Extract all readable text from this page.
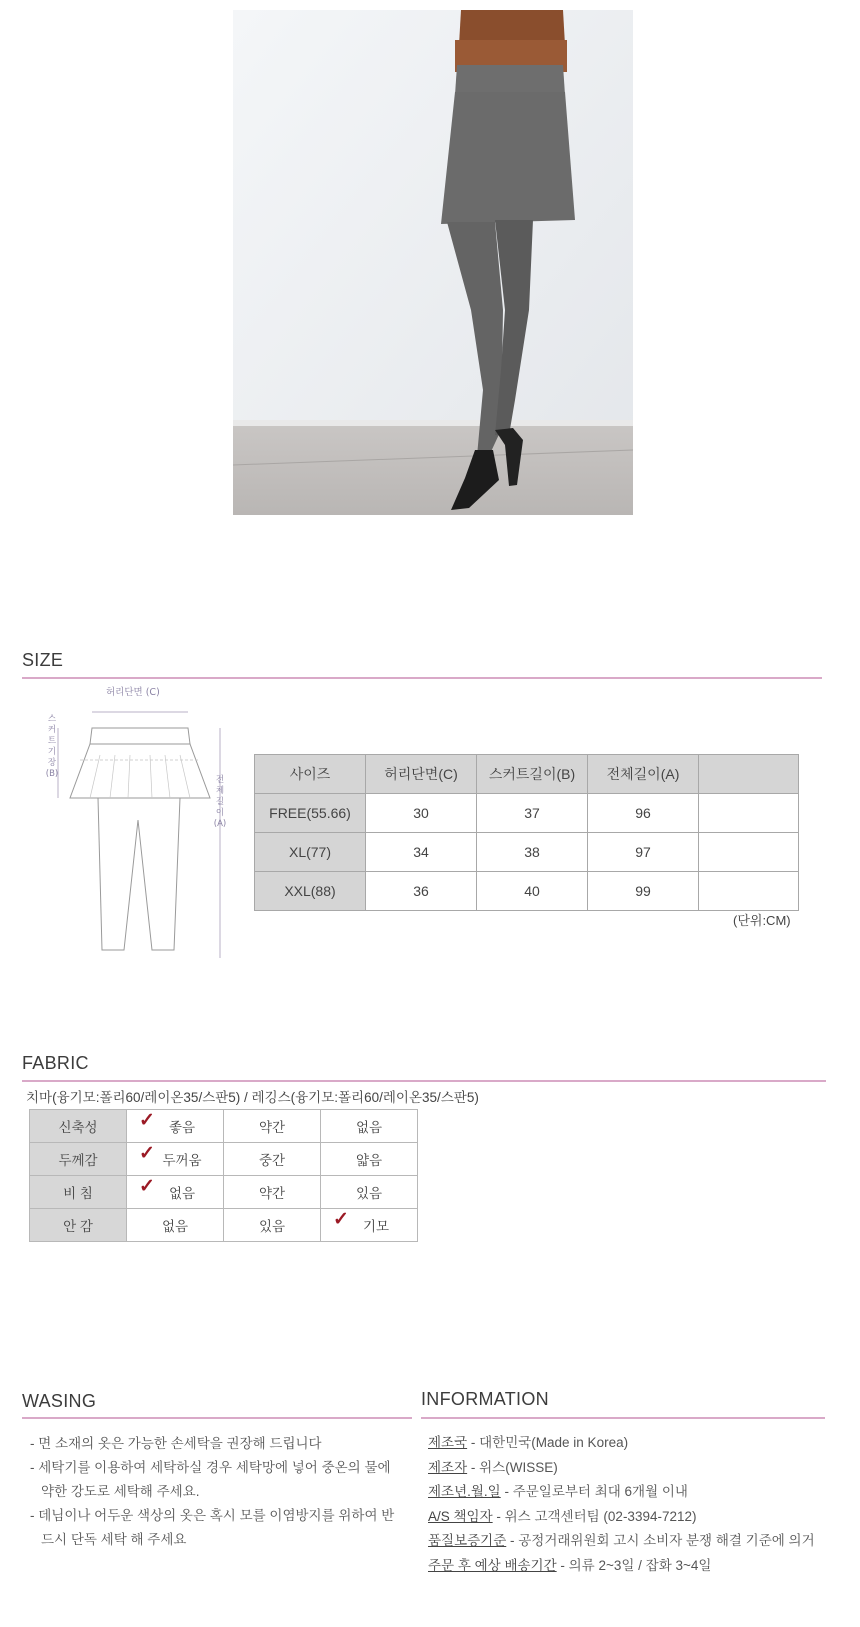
SIZE
허리단면 (C)
스
커
트
기
장
(B)
전
체
길
이
(A)
사이즈	허리단면(C)	스커트길이(B)	전체길이(A)	
FREE(55.66)	30	37	96	
XL(77)	34	38	97	
XXL(88)	36	40	99	
(단위:CM)
FABRIC
치마(융기모:폴리60/레이온35/스판5) / 레깅스(융기모:폴리60/레이온35/스판5)
신축성	✓ 좋음	약간	없음
두께감	✓ 두꺼움	중간	얇음
비 침	✓ 없음	약간	있음
안 감	없음	있음	✓ 기모
WASING
- 면 소재의 옷은 가능한 손세탁을 권장해 드립니다
- 세탁기를 이용하여 세탁하실 경우 세탁망에 넣어 중온의 물에
약한 강도로 세탁해 주세요.
- 데님이나 어두운 색상의 옷은 혹시 모를 이염방지를 위하여 반
드시 단독 세탁 해 주세요
INFORMATION
제조국 - 대한민국(Made in Korea)
제조자 - 위스(WISSE)
제조년.월.일 - 주문일로부터 최대 6개월 이내
A/S 책임자 - 위스 고객센터팀 (02-3394-7212)
품질보증기준 - 공정거래위원회 고시 소비자 분쟁 해결 기준에 의거
주문 후 예상 배송기간 - 의류 2~3일 / 잡화 3~4일
